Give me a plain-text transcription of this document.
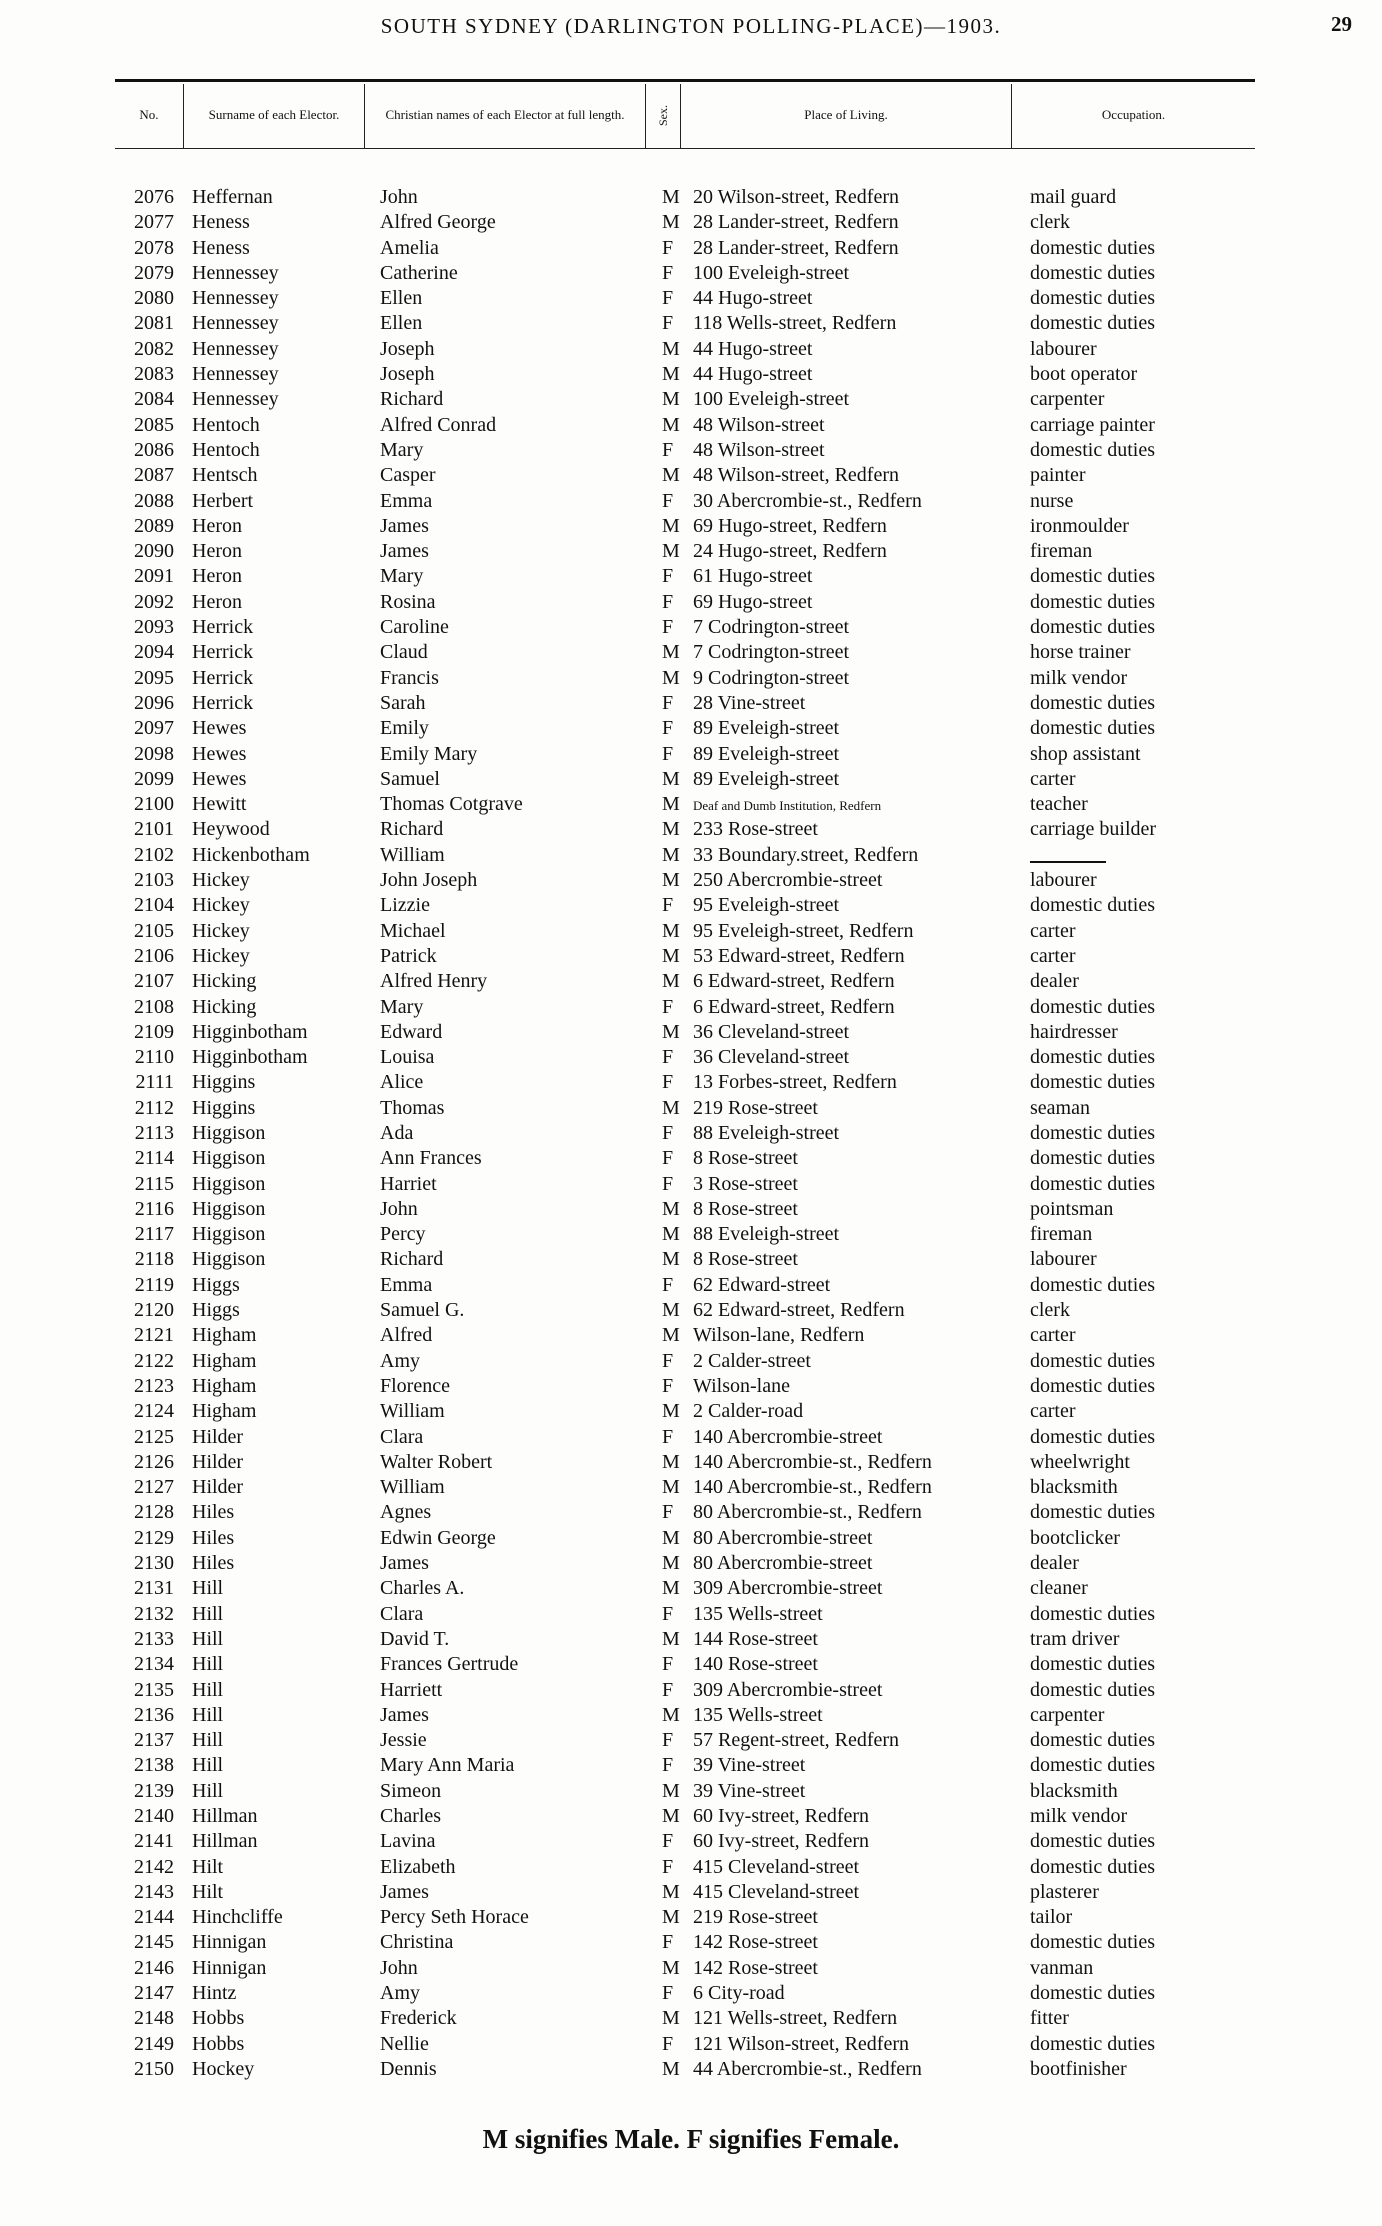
SOUTH SYDNEY (DARLINGTON POLLING-PLACE)—1903.	29
No.	Surname of each Elector.	Christian names of each Elector at full length.	Sex.	Place of Living.	Occupation.
2076 Heffernan	John	M 20 Wilson-street, Redfern	mail guard
2077 Heness	Alfred George	M 28 Lander-street, Redfern	clerk
2078 Heness	Amelia	F 28 Lander-street, Redfern	domestic duties
2079 Hennessey	Catherine	F 100 Eveleigh-street	domestic duties
2080 Hennessey	Ellen	F 44 Hugo-street	domestic duties
2081 Hennessey	Ellen	F 118 Wells-street, Redfern	domestic duties
2082 Hennessey	Joseph	M 44 Hugo-street	labourer
2083 Hennessey	Joseph	M 44 Hugo-street	boot operator
2084 Hennessey	Richard	M 100 Eveleigh-street	carpenter
2085 Hentoch	Alfred Conrad	M 48 Wilson-street	carriage painter
2086 Hentoch	Mary	F 48 Wilson-street	domestic duties
2087 Hentsch	Casper	M 48 Wilson-street, Redfern	painter
2088 Herbert	Emma	F 30 Abercrombie-st., Redfern	nurse
2089 Heron	James	M 69 Hugo-street, Redfern	ironmoulder
2090 Heron	James	M 24 Hugo-street, Redfern	fireman
2091 Heron	Mary	F 61 Hugo-street	domestic duties
2092 Heron	Rosina	F 69 Hugo-street	domestic duties
2093 Herrick	Caroline	F 7 Codrington-street	domestic duties
2094 Herrick	Claud	M 7 Codrington-street	horse trainer
2095 Herrick	Francis	M 9 Codrington-street	milk vendor
2096 Herrick	Sarah	F 28 Vine-street	domestic duties
2097 Hewes	Emily	F 89 Eveleigh-street	domestic duties
2098 Hewes	Emily Mary	F 89 Eveleigh-street	shop assistant
2099 Hewes	Samuel	M 89 Eveleigh-street	carter
2100 Hewitt	Thomas Cotgrave	M Deaf and Dumb Institution, Redfern	teacher
2101 Heywood	Richard	M 233 Rose-street	carriage builder
2102 Hickenbotham	William	M 33 Boundary.street, Redfern
2103 Hickey	John Joseph	M 250 Abercrombie-street	labourer
2104 Hickey	Lizzie	F 95 Eveleigh-street	domestic duties
2105 Hickey	Michael	M 95 Eveleigh-street, Redfern	carter
2106 Hickey	Patrick	M 53 Edward-street, Redfern	carter
2107 Hicking	Alfred Henry	M 6 Edward-street, Redfern	dealer
2108 Hicking	Mary	F 6 Edward-street, Redfern	domestic duties
2109 Higginbotham	Edward	M 36 Cleveland-street	hairdresser
2110 Higginbotham	Louisa	F 36 Cleveland-street	domestic duties
2111 Higgins	Alice	F 13 Forbes-street, Redfern	domestic duties
2112 Higgins	Thomas	M 219 Rose-street	seaman
2113 Higgison	Ada	F 88 Eveleigh-street	domestic duties
2114 Higgison	Ann Frances	F 8 Rose-street	domestic duties
2115 Higgison	Harriet	F 3 Rose-street	domestic duties
2116 Higgison	John	M 8 Rose-street	pointsman
2117 Higgison	Percy	M 88 Eveleigh-street	fireman
2118 Higgison	Richard	M 8 Rose-street	labourer
2119 Higgs	Emma	F 62 Edward-street	domestic duties
2120 Higgs	Samuel G.	M 62 Edward-street, Redfern	clerk
2121 Higham	Alfred	M Wilson-lane, Redfern	carter
2122 Higham	Amy	F 2 Calder-street	domestic duties
2123 Higham	Florence	F Wilson-lane	domestic duties
2124 Higham	William	M 2 Calder-road	carter
2125 Hilder	Clara	F 140 Abercrombie-street	domestic duties
2126 Hilder	Walter Robert	M 140 Abercrombie-st., Redfern	wheelwright
2127 Hilder	William	M 140 Abercrombie-st., Redfern	blacksmith
2128 Hiles	Agnes	F 80 Abercrombie-st., Redfern	domestic duties
2129 Hiles	Edwin George	M 80 Abercrombie-street	bootclicker
2130 Hiles	James	M 80 Abercrombie-street	dealer
2131 Hill	Charles A.	M 309 Abercrombie-street	cleaner
2132 Hill	Clara	F 135 Wells-street	domestic duties
2133 Hill	David T.	M 144 Rose-street	tram driver
2134 Hill	Frances Gertrude	F 140 Rose-street	domestic duties
2135 Hill	Harriett	F 309 Abercrombie-street	domestic duties
2136 Hill	James	M 135 Wells-street	carpenter
2137 Hill	Jessie	F 57 Regent-street, Redfern	domestic duties
2138 Hill	Mary Ann Maria	F 39 Vine-street	domestic duties
2139 Hill	Simeon	M 39 Vine-street	blacksmith
2140 Hillman	Charles	M 60 Ivy-street, Redfern	milk vendor
2141 Hillman	Lavina	F 60 Ivy-street, Redfern	domestic duties
2142 Hilt	Elizabeth	F 415 Cleveland-street	domestic duties
2143 Hilt	James	M 415 Cleveland-street	plasterer
2144 Hinchcliffe	Percy Seth Horace	M 219 Rose-street	tailor
2145 Hinnigan	Christina	F 142 Rose-street	domestic duties
2146 Hinnigan	John	M 142 Rose-street	vanman
2147 Hintz	Amy	F 6 City-road	domestic duties
2148 Hobbs	Frederick	M 121 Wells-street, Redfern	fitter
2149 Hobbs	Nellie	F 121 Wilson-street, Redfern	domestic duties
2150 Hockey	Dennis	M 44 Abercrombie-st., Redfern	bootfinisher
M signifies Male. F signifies Female.
